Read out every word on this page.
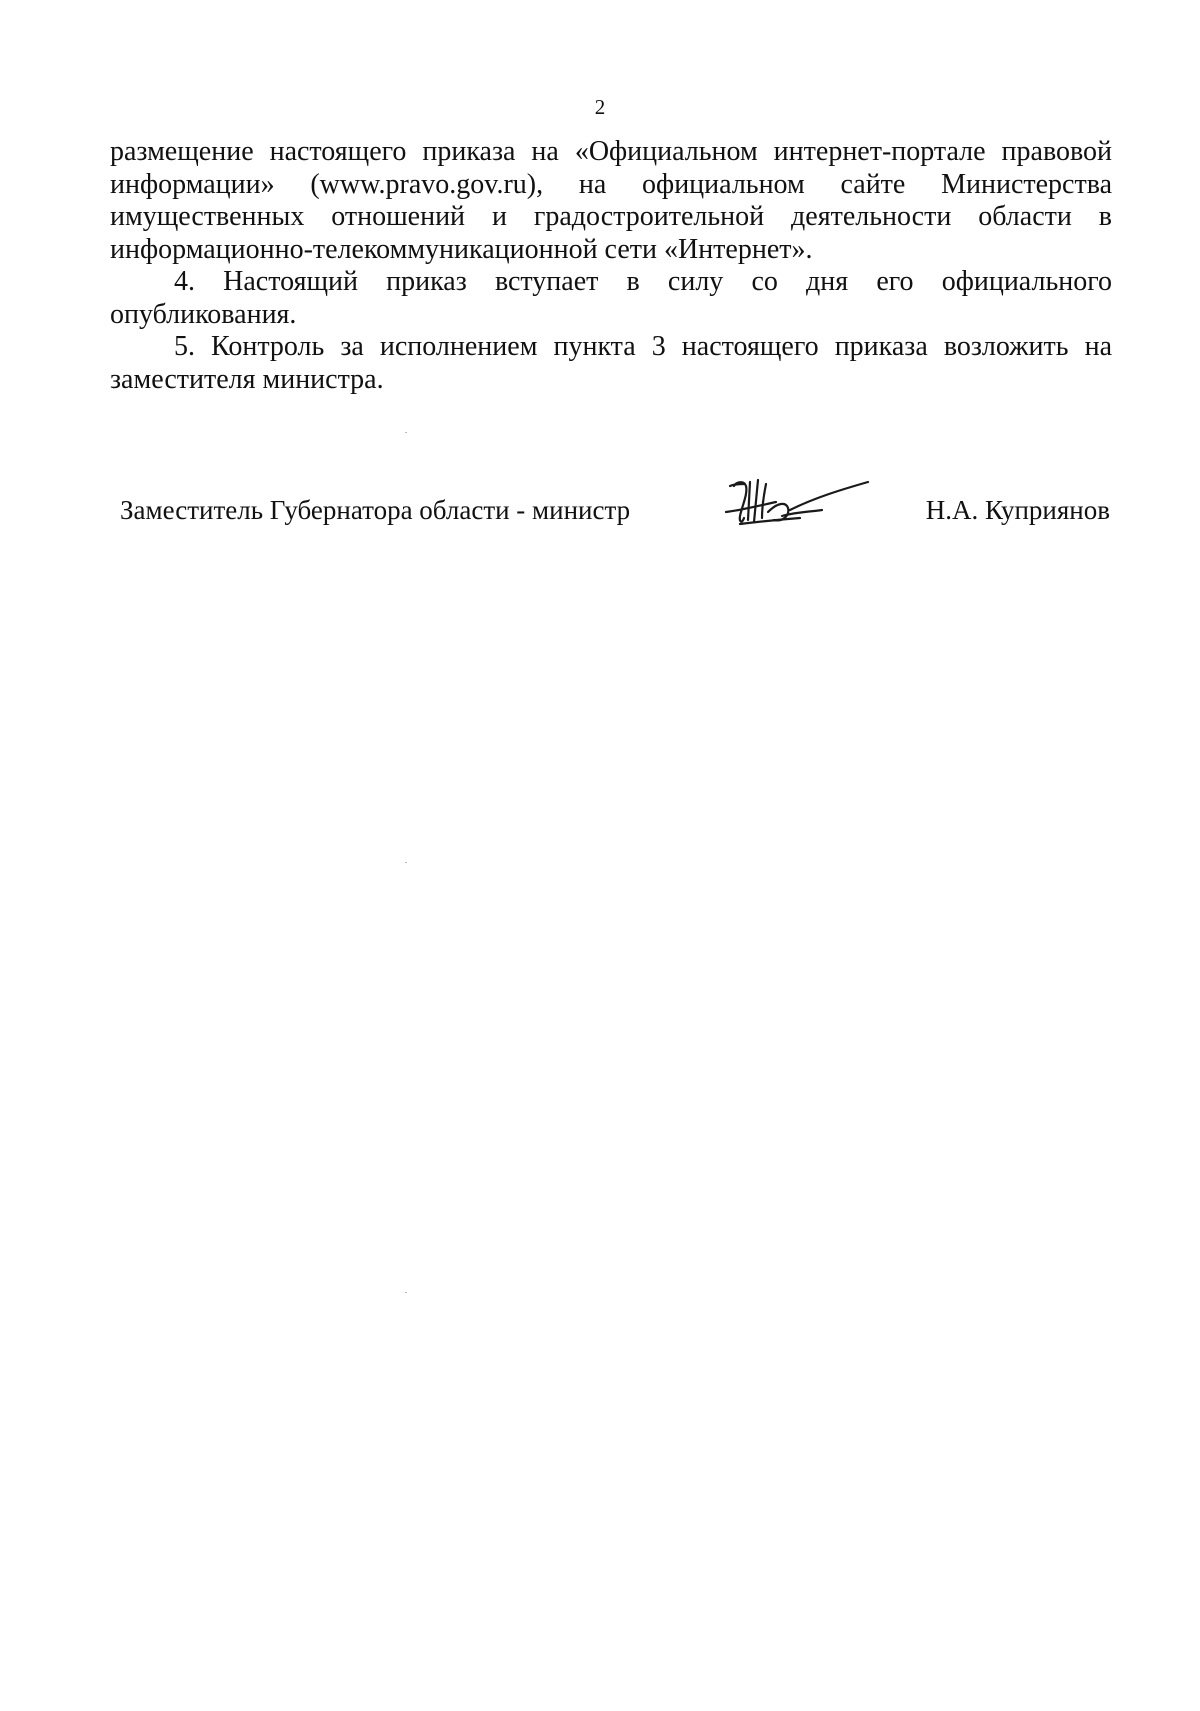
2

размещение настоящего приказа на «Официальном интернет-портале правовой информации» (www.pravo.gov.ru), на официальном сайте Министерства имущественных отношений и градостроительной деятельности области в информационно-телекоммуникационной сети «Интернет».

4. Настоящий приказ вступает в силу со дня его официального опубликования.

5. Контроль за исполнением пункта 3 настоящего приказа возложить на заместителя министра.

Заместитель Губернатора области - министр	Н.А. Куприянов
